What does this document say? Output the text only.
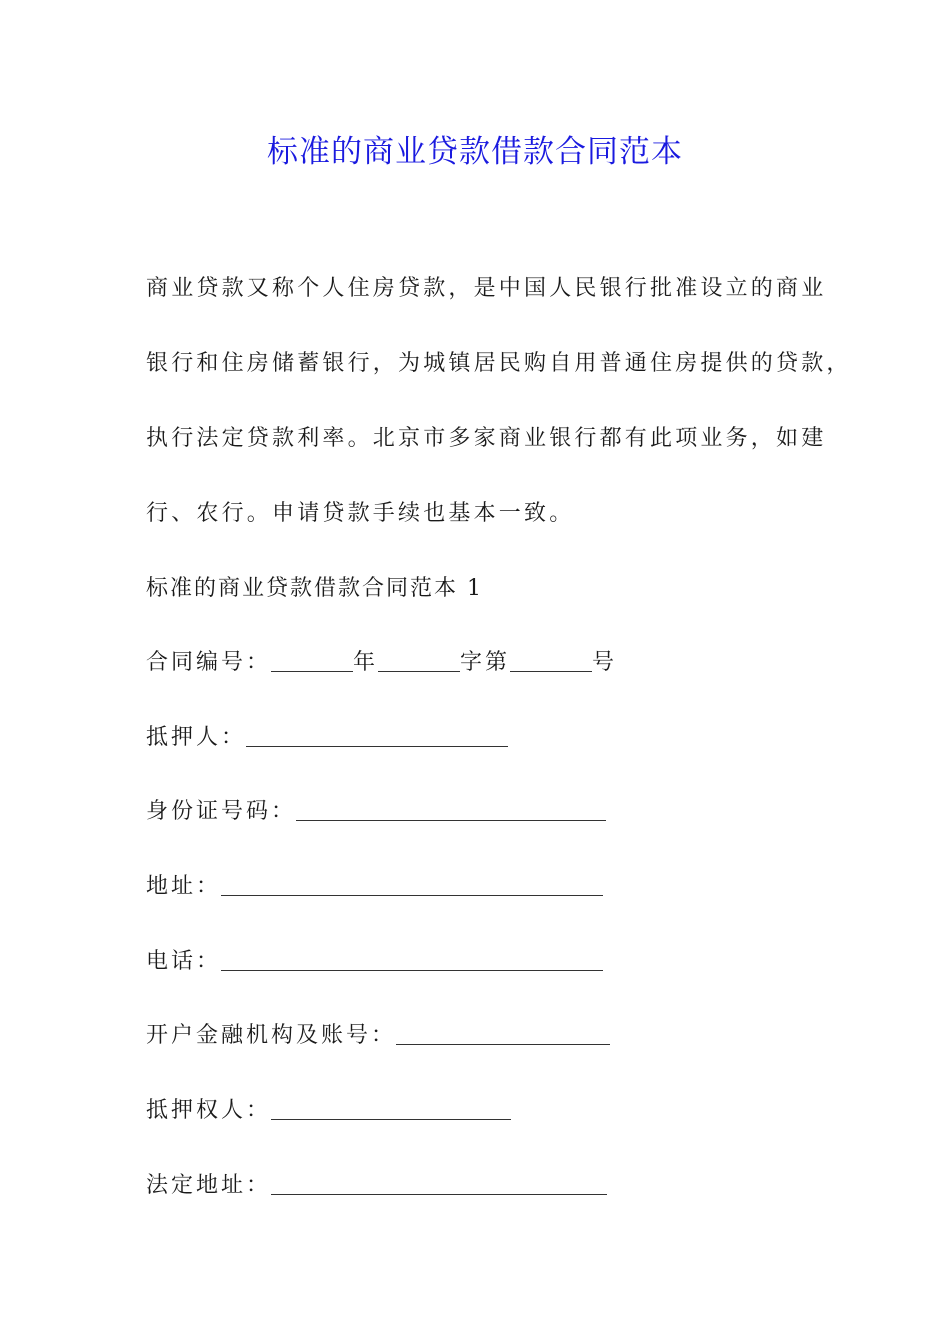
标准的商业贷款借款合同范本
商业贷款又称个人住房贷款，是中国人民银行批准设立的商业
银行和住房储蓄银行，为城镇居民购自用普通住房提供的贷款，
执行法定贷款利率。北京市多家商业银行都有此项业务，如建
行、农行。申请贷款手续也基本一致。
标准的商业贷款借款合同范本 1
合同编号：	年	字第	号
抵押人：
身份证号码：
地址：
电话：
开户金融机构及账号：
抵押权人：
法定地址：
